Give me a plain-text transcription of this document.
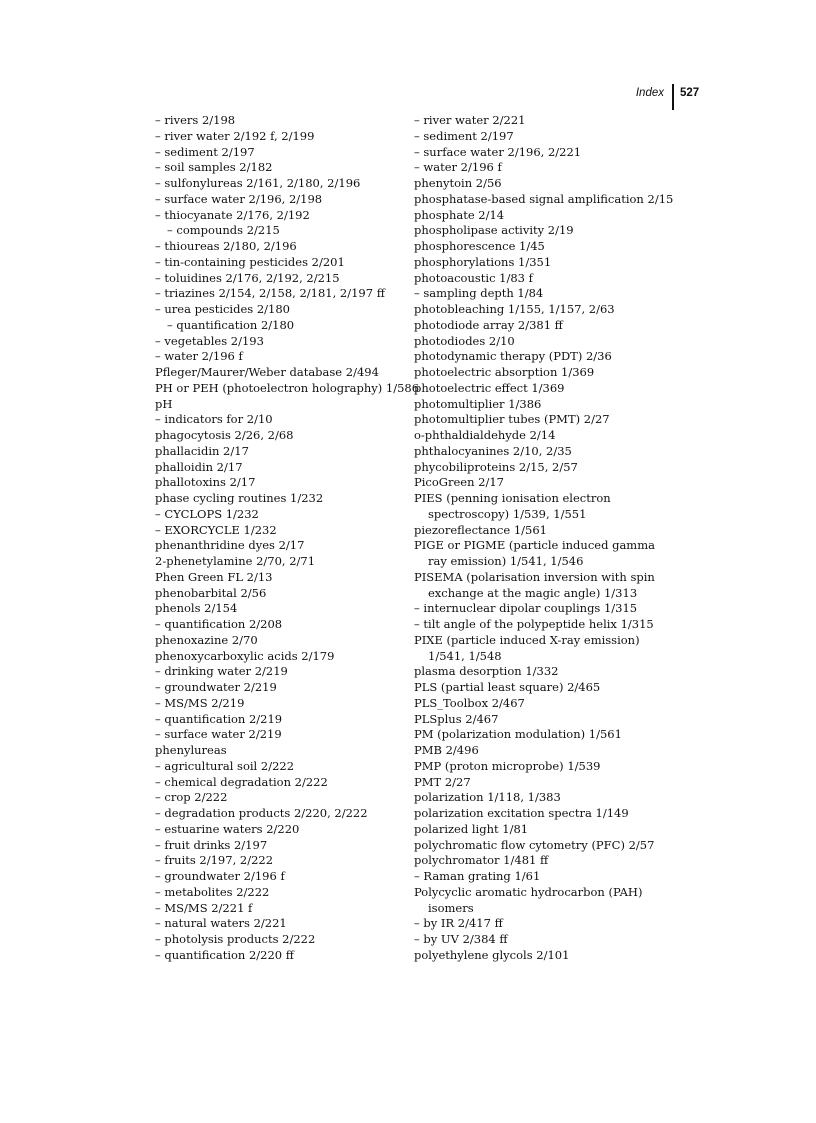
Index 527
– rivers 2/198
– river water 2/192 f, 2/199
– sediment 2/197
– soil samples 2/182
– sulfonylureas 2/161, 2/180, 2/196
– surface water 2/196, 2/198
– thiocyanate 2/176, 2/192
– compounds 2/215
– thioureas 2/180, 2/196
– tin-containing pesticides 2/201
– toluidines 2/176, 2/192, 2/215
– triazines 2/154, 2/158, 2/181, 2/197 ff
– urea pesticides 2/180
– quantification 2/180
– vegetables 2/193
– water 2/196 f
Pfleger/Maurer/Weber database 2/494
PH or PEH (photoelectron holography) 1/586
pH
– indicators for 2/10
phagocytosis 2/26, 2/68
phallacidin 2/17
phalloidin 2/17
phallotoxins 2/17
phase cycling routines 1/232
– CYCLOPS 1/232
– EXORCYCLE 1/232
phenanthridine dyes 2/17
2-phenetylamine 2/70, 2/71
Phen Green FL 2/13
phenobarbital 2/56
phenols 2/154
– quantification 2/208
phenoxazine 2/70
phenoxycarboxylic acids 2/179
– drinking water 2/219
– groundwater 2/219
– MS/MS 2/219
– quantification 2/219
– surface water 2/219
phenylureas
– agricultural soil 2/222
– chemical degradation 2/222
– crop 2/222
– degradation products 2/220, 2/222
– estuarine waters 2/220
– fruit drinks 2/197
– fruits 2/197, 2/222
– groundwater 2/196 f
– metabolites 2/222
– MS/MS 2/221 f
– natural waters 2/221
– photolysis products 2/222
– quantification 2/220 ff
– river water 2/221
– sediment 2/197
– surface water 2/196, 2/221
– water 2/196 f
phenytoin 2/56
phosphatase-based signal amplification 2/15
phosphate 2/14
phospholipase activity 2/19
phosphorescence 1/45
phosphorylations 1/351
photoacoustic 1/83 f
– sampling depth 1/84
photobleaching 1/155, 1/157, 2/63
photodiode array 2/381 ff
photodiodes 2/10
photodynamic therapy (PDT) 2/36
photoelectric absorption 1/369
photoelectric effect 1/369
photomultiplier 1/386
photomultiplier tubes (PMT) 2/27
o-phthaldialdehyde 2/14
phthalocyanines 2/10, 2/35
phycobiliproteins 2/15, 2/57
PicoGreen 2/17
PIES (penning ionisation electron spectroscopy) 1/539, 1/551
piezoreflectance 1/561
PIGE or PIGME (particle induced gamma ray emission) 1/541, 1/546
PISEMA (polarisation inversion with spin exchange at the magic angle) 1/313
– internuclear dipolar couplings 1/315
– tilt angle of the polypeptide helix 1/315
PIXE (particle induced X-ray emission) 1/541, 1/548
plasma desorption 1/332
PLS (partial least square) 2/465
PLS_Toolbox 2/467
PLSplus 2/467
PM (polarization modulation) 1/561
PMB 2/496
PMP (proton microprobe) 1/539
PMT 2/27
polarization 1/118, 1/383
polarization excitation spectra 1/149
polarized light 1/81
polychromatic flow cytometry (PFC) 2/57
polychromator 1/481 ff
– Raman grating 1/61
Polycyclic aromatic hydrocarbon (PAH) isomers
– by IR 2/417 ff
– by UV 2/384 ff
polyethylene glycols 2/101
